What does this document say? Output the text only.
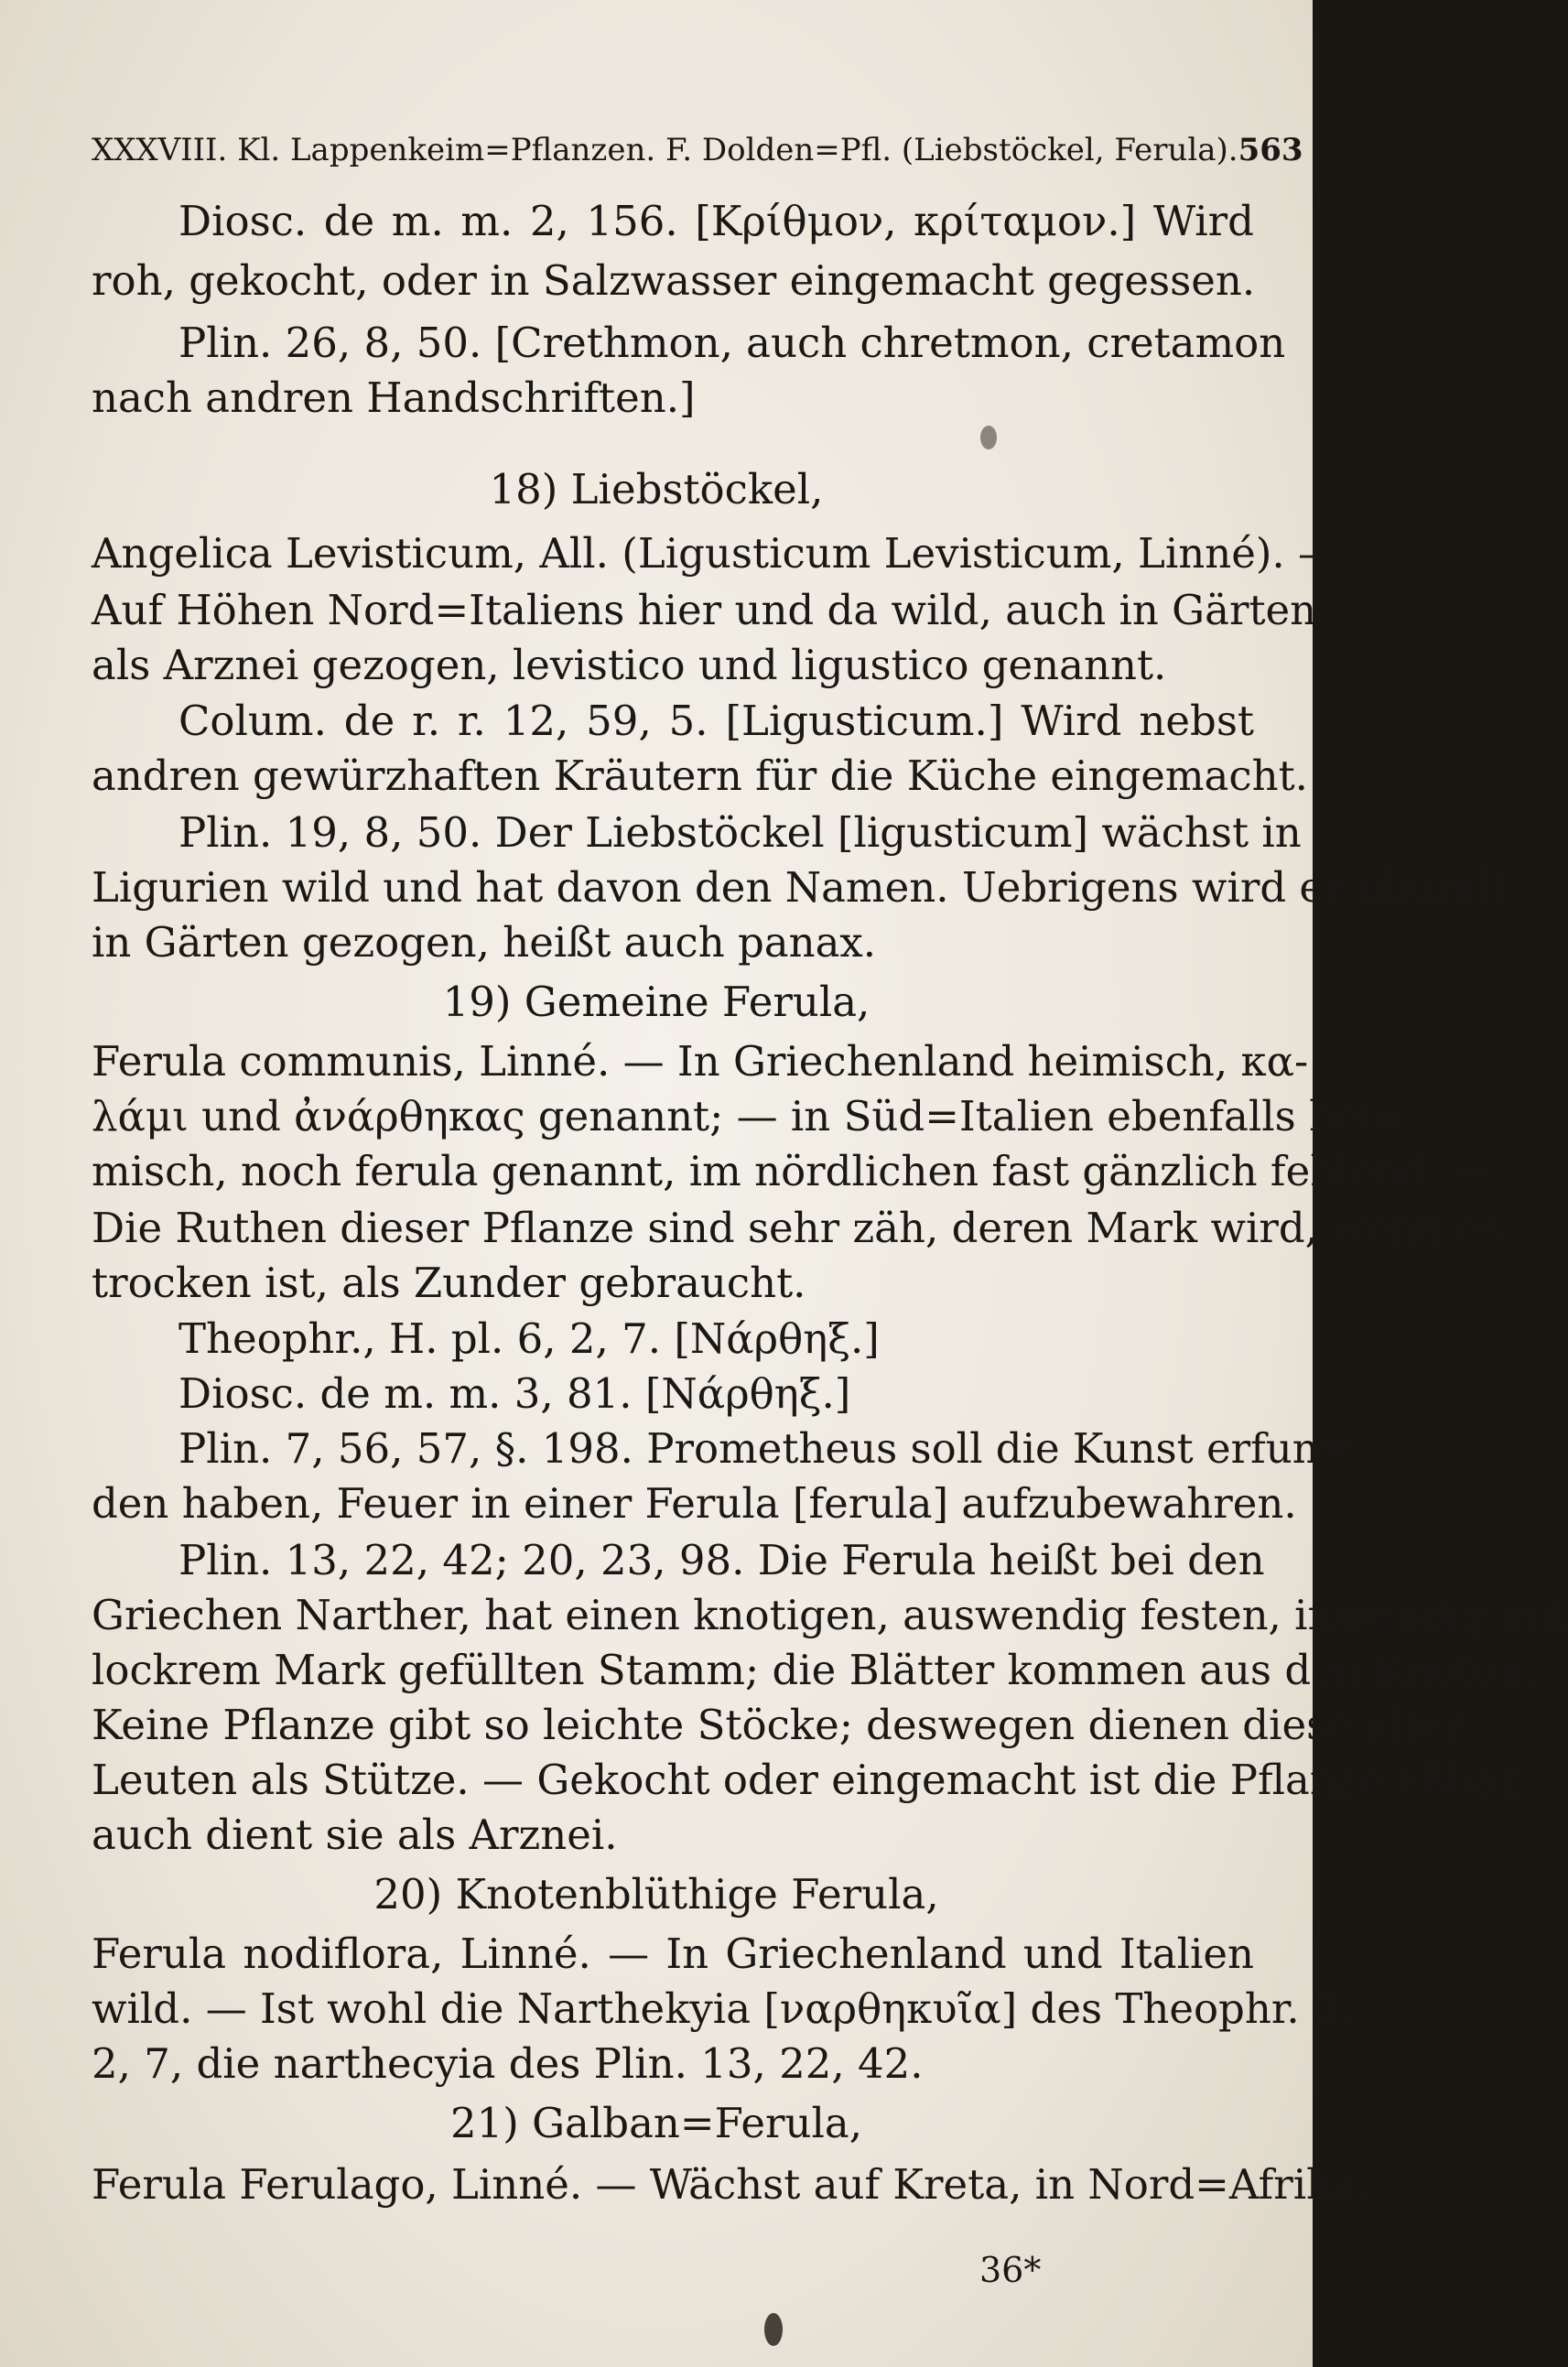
XXXVIII. Kl. Lappenkeim=Pflanzen. F. Dolden=Pfl. (Liebstöckel, Ferula). 563

Diosc. de m. m. 2, 156. [Κρίθμον, κρίταμον.] Wird

roh, gekocht, oder in Salzwasser eingemacht gegessen.

Plin. 26, 8, 50. [Crethmon, auch chretmon, cretamon

nach andren Handschriften.]

18) Liebstöckel,

Angelica Levisticum, All. (Ligusticum Levisticum, Linné). —

Auf Höhen Nord=Italiens hier und da wild, auch in Gärten

als Arznei gezogen, levistico und ligustico genannt.

Colum. de r. r. 12, 59, 5. [Ligusticum.] Wird nebst

andren gewürzhaften Kräutern für die Küche eingemacht.

Plin. 19, 8, 50. Der Liebstöckel [ligusticum] wächst in

Ligurien wild und hat davon den Namen. Uebrigens wird er überall

in Gärten gezogen, heißt auch panax.

19) Gemeine Ferula,

Ferula communis, Linné. — In Griechenland heimisch, κα-

λάμι und ἀνάρθηκας genannt; — in Süd=Italien ebenfalls hei=

misch, noch ferula genannt, im nördlichen fast gänzlich fehlend. —

Die Ruthen dieser Pflanze sind sehr zäh, deren Mark wird, wenn es

trocken ist, als Zunder gebraucht.

Theophr., H. pl. 6, 2, 7. [Νάρθηξ.]

Diosc. de m. m. 3, 81. [Νάρθηξ.]

Plin. 7, 56, 57, §. 198. Prometheus soll die Kunst erfun=

den haben, Feuer in einer Ferula [ferula] aufzubewahren.

Plin. 13, 22, 42; 20, 23, 98. Die Ferula heißt bei den

Griechen Narther, hat einen knotigen, auswendig festen, inwendig mit

lockrem Mark gefüllten Stamm; die Blätter kommen aus den Knoten.

Keine Pflanze gibt so leichte Stöcke; deswegen dienen diese alten

Leuten als Stütze. — Gekocht oder eingemacht ist die Pflanze eßbar,

auch dient sie als Arznei.

20) Knotenblüthige Ferula,

Ferula nodiflora, Linné. — In Griechenland und Italien

wild. — Ist wohl die Narthekyia [ναρθηκυῖα] des Theophr. 6,

2, 7, die narthecyia des Plin. 13, 22, 42.

21) Galban=Ferula,

Ferula Ferulago, Linné. — Wächst auf Kreta, in Nord=Afrika,

36*
